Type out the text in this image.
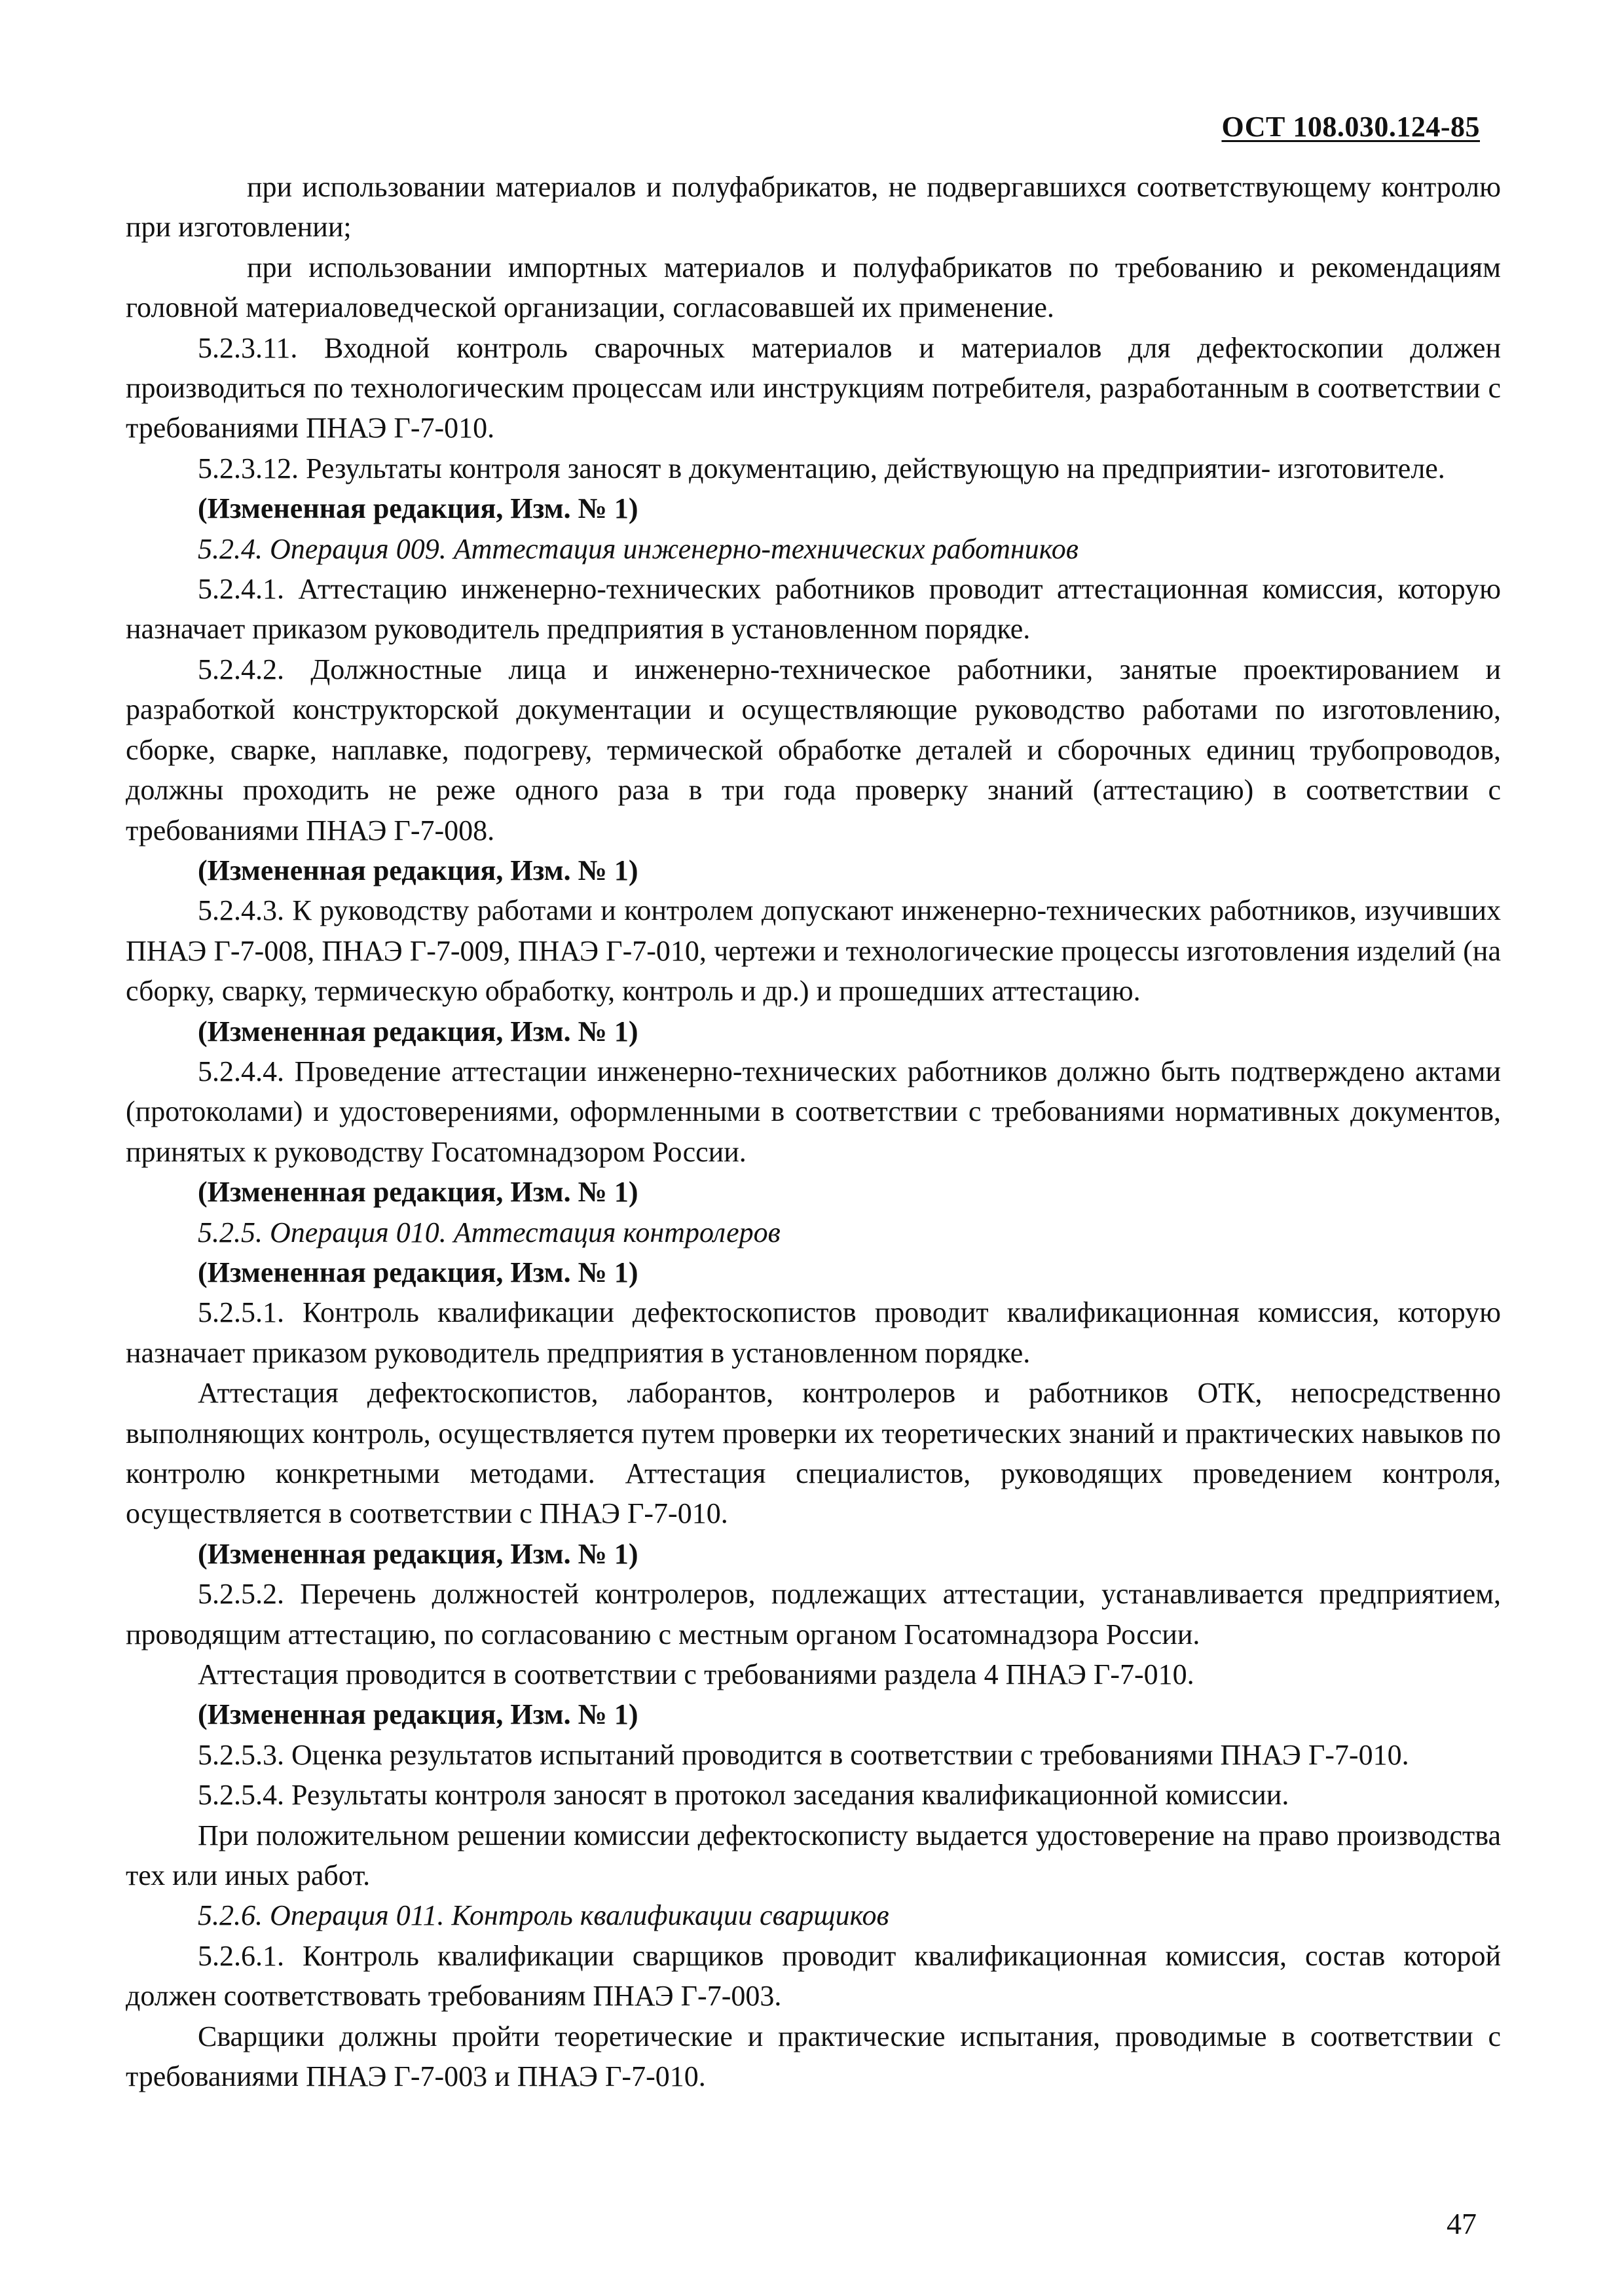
ОСТ 108.030.124-85

при использовании материалов и полуфабрикатов, не подвергавшихся соответствующему контролю при изготовлении;

при использовании импортных материалов и полуфабрикатов по требованию и рекомендациям головной материаловедческой организации, согласовавшей их применение.

5.2.3.11. Входной контроль сварочных материалов и материалов для дефектоскопии должен производиться по технологическим процессам или инструкциям потребителя, разработанным в соответствии с требованиями ПНАЭ Г-7-010.

5.2.3.12. Результаты контроля заносят в документацию, действующую на предприятии- изготовителе.

(Измененная редакция, Изм. № 1)

5.2.4. Операция 009. Аттестация инженерно-технических работников

5.2.4.1. Аттестацию инженерно-технических работников проводит аттестационная комиссия, которую назначает приказом руководитель предприятия в установленном порядке.

5.2.4.2. Должностные лица и инженерно-техническое работники, занятые проектированием и разработкой конструкторской документации и осуществляющие руководство работами по изготовлению, сборке, сварке, наплавке, подогреву, термической обработке деталей и сборочных единиц трубопроводов, должны проходить не реже одного раза в три года проверку знаний (аттестацию) в соответствии с требованиями ПНАЭ Г-7-008.

(Измененная редакция, Изм. № 1)

5.2.4.3. К руководству работами и контролем допускают инженерно-технических работников, изучивших ПНАЭ Г-7-008, ПНАЭ Г-7-009, ПНАЭ Г-7-010, чертежи и технологические процессы изготовления изделий (на сборку, сварку, термическую обработку, контроль и др.) и прошедших аттестацию.

(Измененная редакция, Изм. № 1)

5.2.4.4. Проведение аттестации инженерно-технических работников должно быть подтверждено актами (протоколами) и удостоверениями, оформленными в соответствии с требованиями нормативных документов, принятых к руководству Госатомнадзором России.

(Измененная редакция, Изм. № 1)

5.2.5. Операция 010. Аттестация контролеров

(Измененная редакция, Изм. № 1)

5.2.5.1. Контроль квалификации дефектоскопистов проводит квалификационная комиссия, которую назначает приказом руководитель предприятия в установленном порядке.

Аттестация дефектоскопистов, лаборантов, контролеров и работников ОТК, непосредственно выполняющих контроль, осуществляется путем проверки их теоретических знаний и практических навыков по контролю конкретными методами. Аттестация специалистов, руководящих проведением контроля, осуществляется в соответствии с ПНАЭ Г-7-010.

(Измененная редакция, Изм. № 1)

5.2.5.2. Перечень должностей контролеров, подлежащих аттестации, устанавливается предприятием, проводящим аттестацию, по согласованию с местным органом Госатомнадзора России.

Аттестация проводится в соответствии с требованиями раздела 4 ПНАЭ Г-7-010.

(Измененная редакция, Изм. № 1)

5.2.5.3. Оценка результатов испытаний проводится в соответствии с требованиями ПНАЭ Г-7-010.

5.2.5.4. Результаты контроля заносят в протокол заседания квалификационной комиссии.

При положительном решении комиссии дефектоскописту выдается удостоверение на право производства тех или иных работ.

5.2.6. Операция 011. Контроль квалификации сварщиков

5.2.6.1. Контроль квалификации сварщиков проводит квалификационная комиссия, состав которой должен соответствовать требованиям ПНАЭ Г-7-003.

Сварщики должны пройти теоретические и практические испытания, проводимые в соответствии с требованиями ПНАЭ Г-7-003 и ПНАЭ Г-7-010.

47
